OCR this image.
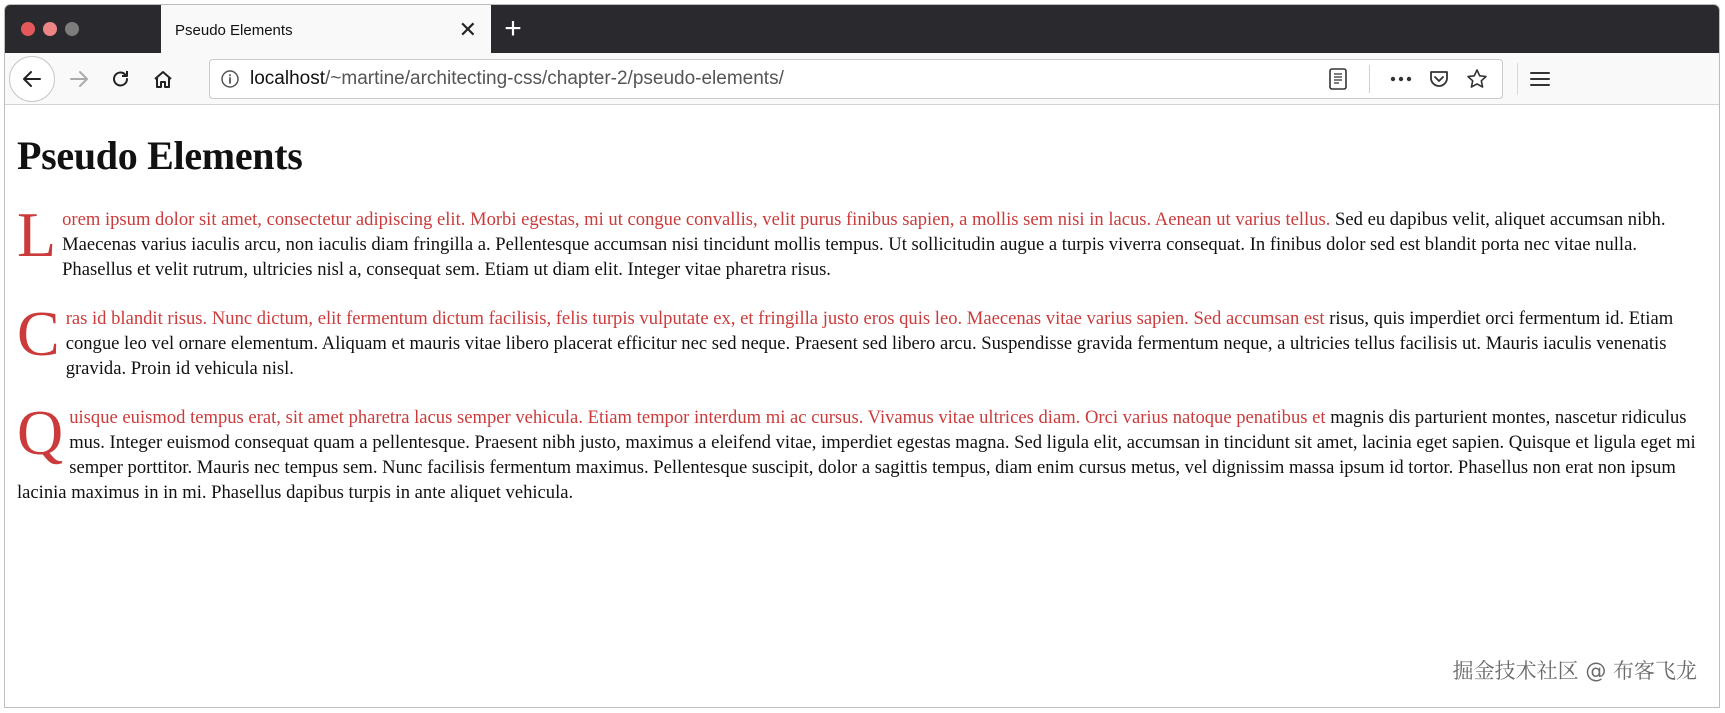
Pseudo Elements	✕ +
localhost/~martine/architecting-css/chapter-2/pseudo-elements/
Pseudo Elements

Lorem ipsum dolor sit amet, consectetur adipiscing elit. Morbi egestas, mi ut congue convallis, velit purus finibus sapien, a mollis sem nisi in lacus. Aenean ut varius tellus. Sed eu dapibus velit, aliquet accumsan nibh. Maecenas varius iaculis arcu, non iaculis diam fringilla a. Pellentesque accumsan nisi tincidunt mollis tempus. Ut sollicitudin augue a turpis viverra consequat. In finibus dolor sed est blandit porta nec vitae nulla. Phasellus et velit rutrum, ultricies nisl a, consequat sem. Etiam ut diam elit. Integer vitae pharetra risus.

Cras id blandit risus. Nunc dictum, elit fermentum dictum facilisis, felis turpis vulputate ex, et fringilla justo eros quis leo. Maecenas vitae varius sapien. Sed accumsan est risus, quis imperdiet orci fermentum id. Etiam congue leo vel ornare elementum. Aliquam et mauris vitae libero placerat efficitur nec sed neque. Praesent sed libero arcu. Suspendisse gravida fermentum neque, a ultricies tellus facilisis ut. Mauris iaculis venenatis gravida. Proin id vehicula nisl.

Quisque euismod tempus erat, sit amet pharetra lacus semper vehicula. Etiam tempor interdum mi ac cursus. Vivamus vitae ultrices diam. Orci varius natoque penatibus et magnis dis parturient montes, nascetur ridiculus mus. Integer euismod consequat quam a pellentesque. Praesent nibh justo, maximus a eleifend vitae, imperdiet egestas magna. Sed ligula elit, accumsan in tincidunt sit amet, lacinia eget sapien. Quisque et ligula eget mi semper porttitor. Mauris nec tempus sem. Nunc facilisis fermentum maximus. Pellentesque suscipit, dolor a sagittis tempus, diam enim cursus metus, vel dignissim massa ipsum id tortor. Phasellus non erat non ipsum lacinia maximus in in mi. Phasellus dapibus turpis in ante aliquet vehicula.

掘金技术社区 @ 布客飞龙
